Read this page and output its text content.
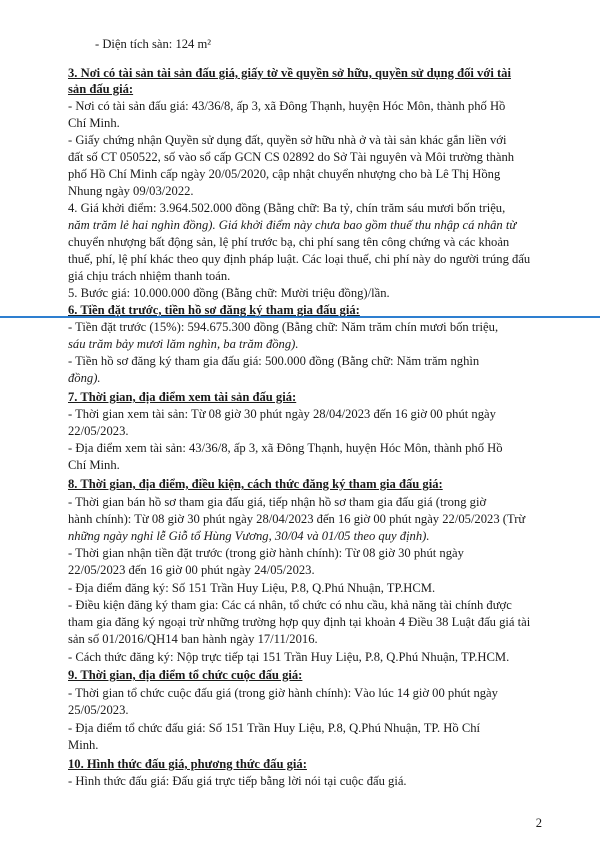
- Diện tích sàn: 124 m²
3. Nơi có tài sản tài sản đấu giá, giấy tờ về quyền sở hữu, quyền sử dụng đối với tài
sản đấu giá:
- Nơi có tài sản đấu giá: 43/36/8, ấp 3, xã Đông Thạnh, huyện Hóc Môn, thành phố Hồ
Chí Minh.
- Giấy chứng nhận Quyền sử dụng đất, quyền sở hữu nhà ở và tài sản khác gắn liền với
đất số CT 050522, số vào sổ cấp GCN CS 02892 do Sở Tài nguyên và Môi trường thành
phố Hồ Chí Minh cấp ngày 20/05/2020, cập nhật chuyển nhượng cho bà Lê Thị Hồng
Nhung ngày 09/03/2022.
4. Giá khởi điểm: 3.964.502.000 đồng (Bằng chữ: Ba tỷ, chín trăm sáu mươi bốn triệu,
năm trăm lẻ hai nghìn đồng). Giá khởi điểm này chưa bao gồm thuế thu nhập cá nhân từ
chuyển nhượng bất động sản, lệ phí trước bạ, chi phí sang tên công chứng và các khoản
thuế, phí, lệ phí khác theo quy định pháp luật. Các loại thuế, chi phí này do người trúng đấu
giá chịu trách nhiệm thanh toán.
5. Bước giá: 10.000.000 đồng (Bằng chữ: Mười triệu đồng)/lần.
6. Tiền đặt trước, tiền hồ sơ đăng ký tham gia đấu giá:
- Tiền đặt trước (15%): 594.675.300 đồng (Bằng chữ: Năm trăm chín mươi bốn triệu,
sáu trăm bảy mươi lăm nghìn, ba trăm đồng).
- Tiền hồ sơ đăng ký tham gia đấu giá: 500.000 đồng (Bằng chữ: Năm trăm nghìn
đồng).
7. Thời gian, địa điểm xem tài sản đấu giá:
- Thời gian xem tài sản: Từ 08 giờ 30 phút ngày 28/04/2023 đến 16 giờ 00 phút ngày
22/05/2023.
- Địa điểm xem tài sản: 43/36/8, ấp 3, xã Đông Thạnh, huyện Hóc Môn, thành phố Hồ
Chí Minh.
8. Thời gian, địa điểm, điều kiện, cách thức đăng ký tham gia đấu giá:
- Thời gian bán hồ sơ tham gia đấu giá, tiếp nhận hồ sơ tham gia đấu giá (trong giờ
hành chính): Từ 08 giờ 30 phút ngày 28/04/2023 đến 16 giờ 00 phút ngày 22/05/2023 (Trừ
những ngày nghỉ lễ Giỗ tổ Hùng Vương, 30/04 và 01/05 theo quy định).
- Thời gian nhận tiền đặt trước (trong giờ hành chính): Từ 08 giờ 30 phút ngày
22/05/2023 đến 16 giờ 00 phút ngày 24/05/2023.
- Địa điểm đăng ký: Số 151 Trần Huy Liệu, P.8, Q.Phú Nhuận, TP.HCM.
- Điều kiện đăng ký tham gia: Các cá nhân, tổ chức có nhu cầu, khả năng tài chính được
tham gia đăng ký ngoại trừ những trường hợp quy định tại khoản 4 Điều 38 Luật đấu giá tài
sản số 01/2016/QH14 ban hành ngày 17/11/2016.
- Cách thức đăng ký: Nộp trực tiếp tại 151 Trần Huy Liệu, P.8, Q.Phú Nhuận, TP.HCM.
9. Thời gian, địa điểm tổ chức cuộc đấu giá:
- Thời gian tổ chức cuộc đấu giá (trong giờ hành chính): Vào lúc 14 giờ 00 phút ngày
25/05/2023.
- Địa điểm tổ chức đấu giá: Số 151 Trần Huy Liệu, P.8, Q.Phú Nhuận, TP. Hồ Chí
Minh.
10. Hình thức đấu giá, phương thức đấu giá:
- Hình thức đấu giá: Đấu giá trực tiếp bằng lời nói tại cuộc đấu giá.
2
